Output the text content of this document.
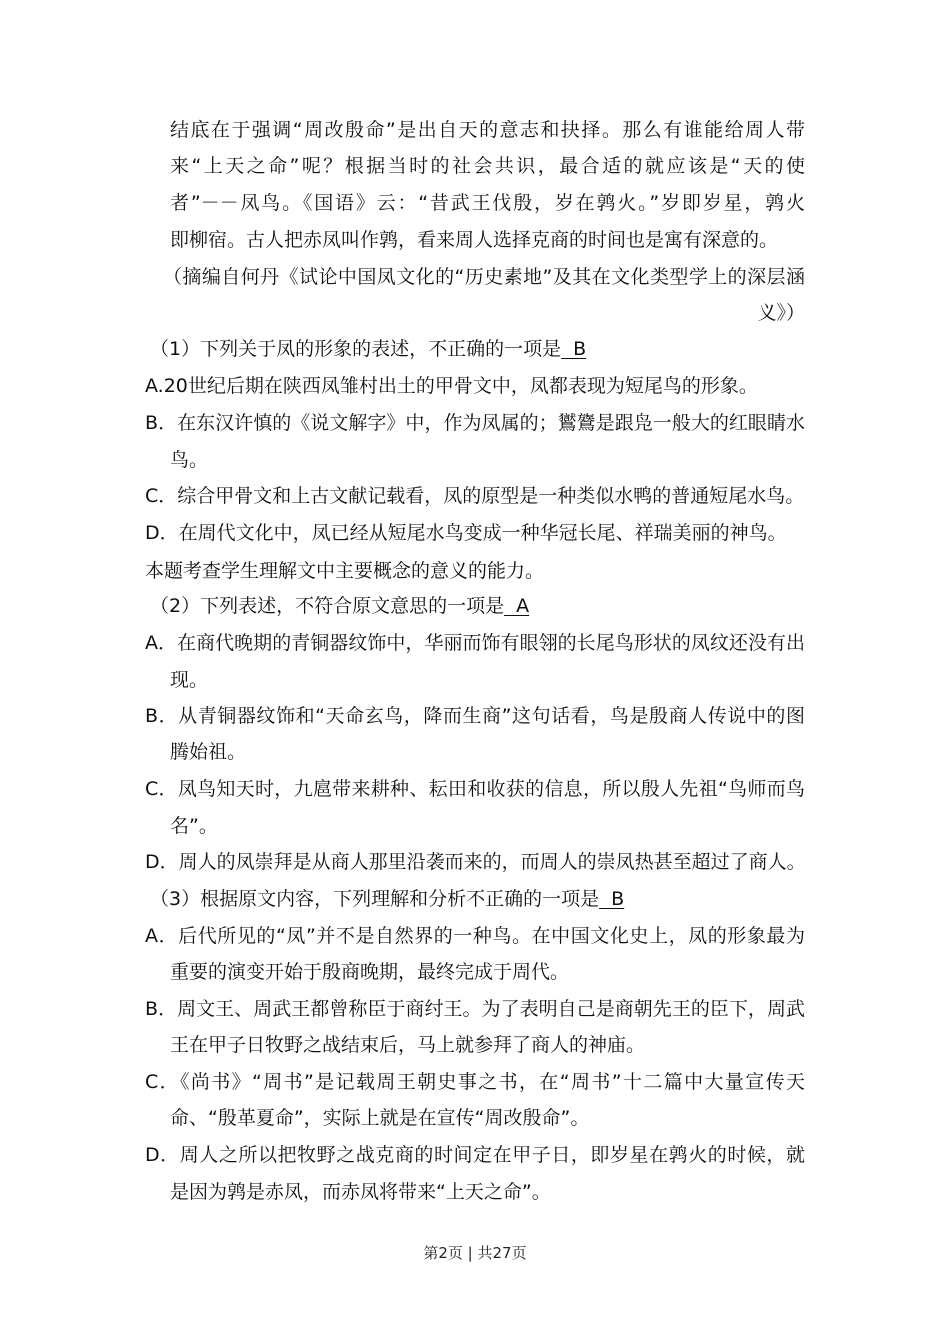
结底在于强调“周改殷命”是出自天的意志和抉择。那么有谁能给周人带
来“上天之命”呢？根据当时的社会共识，最合适的就应该是“天的使
者”－－凤鸟。《国语》云：“昔武王伐殷，岁在鹑火。”岁即岁星，鹑火
即柳宿。古人把赤凤叫作鹑，看来周人选择克商的时间也是寓有深意的。
（摘编自何丹《试论中国凤文化的“历史素地”及其在文化类型学上的深层涵
义》）
（1）下列关于凤的形象的表述，不正确的一项是  B
A.20世纪后期在陕西凤雏村出土的甲骨文中，凤都表现为短尾鸟的形象。
B．在东汉许慎的《说文解字》中，作为凤属的；鸑鷟是跟凫一般大的红眼睛水
鸟。
C．综合甲骨文和上古文献记载看，凤的原型是一种类似水鸭的普通短尾水鸟。
D．在周代文化中，凤已经从短尾水鸟变成一种华冠长尾、祥瑞美丽的神鸟。
本题考查学生理解文中主要概念的意义的能力。
（2）下列表述，不符合原文意思的一项是  A
A．在商代晚期的青铜器纹饰中，华丽而饰有眼翎的长尾鸟形状的凤纹还没有出
现。
B．从青铜器纹饰和“天命玄鸟，降而生商”这句话看，鸟是殷商人传说中的图
腾始祖。
C．凤鸟知天时，九扈带来耕种、耘田和收获的信息，所以殷人先祖“鸟师而鸟
名”。
D．周人的凤崇拜是从商人那里沿袭而来的，而周人的崇凤热甚至超过了商人。
（3）根据原文内容，下列理解和分析不正确的一项是  B
A．后代所见的“凤”并不是自然界的一种鸟。在中国文化史上，凤的形象最为
重要的演变开始于殷商晚期，最终完成于周代。
B．周文王、周武王都曾称臣于商纣王。为了表明自己是商朝先王的臣下，周武
王在甲子日牧野之战结束后，马上就参拜了商人的神庙。
C．《尚书》“周书”是记载周王朝史事之书，在“周书”十二篇中大量宣传天
命、“殷革夏命”，实际上就是在宣传“周改殷命”。
D．周人之所以把牧野之战克商的时间定在甲子日，即岁星在鹑火的时候，就
是因为鹑是赤凤，而赤凤将带来“上天之命”。
第2页 | 共27页
